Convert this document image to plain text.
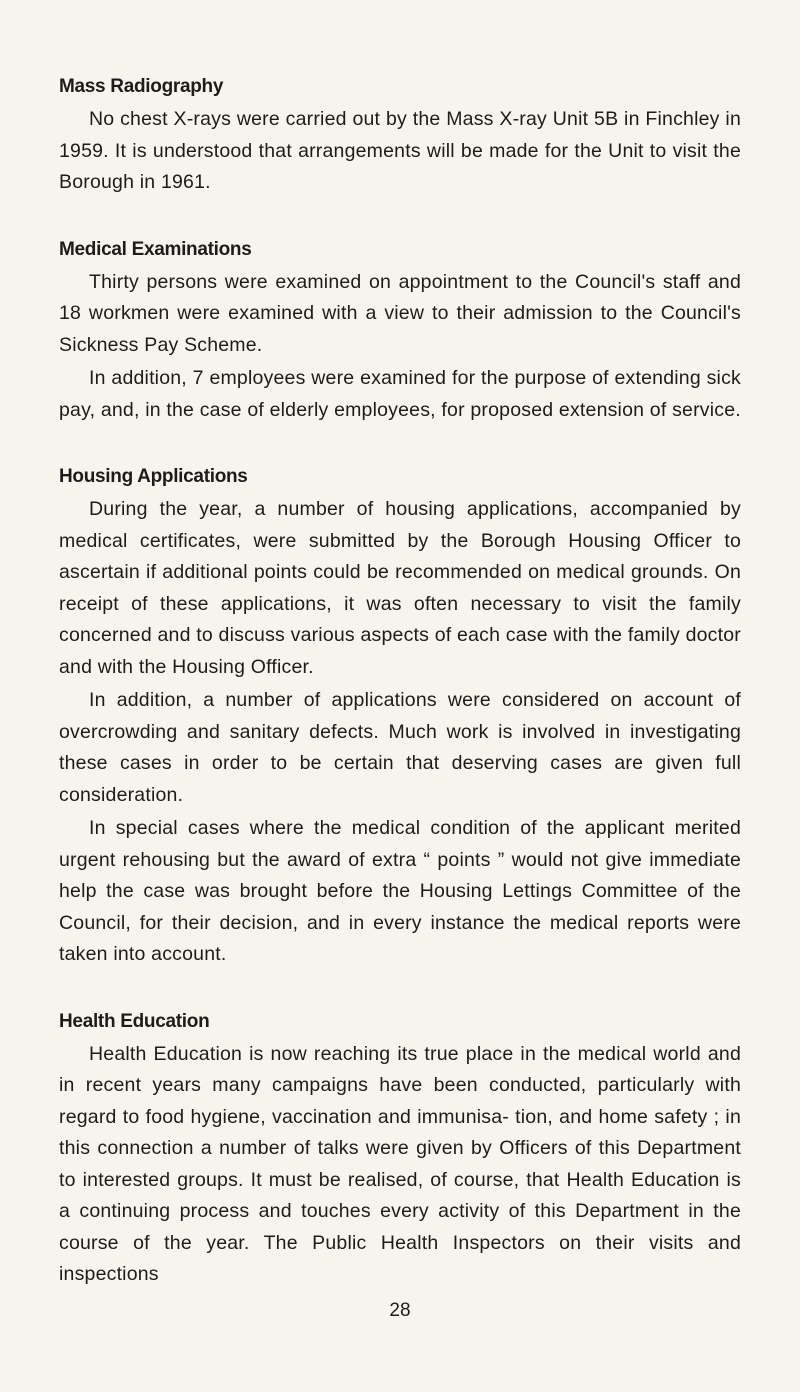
Mass Radiography

No chest X-rays were carried out by the Mass X-ray Unit 5B in Finchley in 1959. It is understood that arrangements will be made for the Unit to visit the Borough in 1961.

Medical Examinations

Thirty persons were examined on appointment to the Council's staff and 18 workmen were examined with a view to their admission to the Council's Sickness Pay Scheme.

In addition, 7 employees were examined for the purpose of extending sick pay, and, in the case of elderly employees, for proposed extension of service.

Housing Applications

During the year, a number of housing applications, accompanied by medical certificates, were submitted by the Borough Housing Officer to ascertain if additional points could be recommended on medical grounds. On receipt of these applications, it was often necessary to visit the family concerned and to discuss various aspects of each case with the family doctor and with the Housing Officer.

In addition, a number of applications were considered on account of overcrowding and sanitary defects. Much work is involved in investigating these cases in order to be certain that deserving cases are given full consideration.

In special cases where the medical condition of the applicant merited urgent rehousing but the award of extra “ points ” would not give immediate help the case was brought before the Housing Lettings Committee of the Council, for their decision, and in every instance the medical reports were taken into account.

Health Education

Health Education is now reaching its true place in the medical world and in recent years many campaigns have been conducted, particularly with regard to food hygiene, vaccination and immunisa- tion, and home safety ; in this connection a number of talks were given by Officers of this Department to interested groups. It must be realised, of course, that Health Education is a continuing process and touches every activity of this Department in the course of the year. The Public Health Inspectors on their visits and inspections

28
